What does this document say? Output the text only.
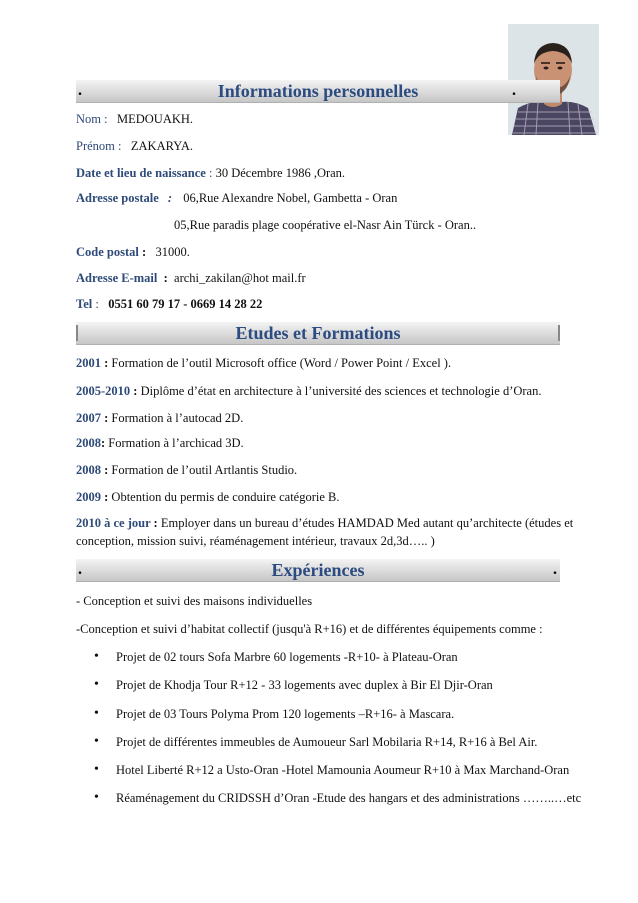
.	Informations personnelles	.
Nom : MEDOUAKH.
Prénom : ZAKARYA.
Date et lieu de naissance : 30 Décembre 1986 ,Oran.
Adresse postale : 06,Rue Alexandre Nobel, Gambetta - Oran
05,Rue paradis plage coopérative el-Nasr Ain Türck - Oran..
Code postal : 31000.
Adresse E-mail : archi_zakilan@hot mail.fr
Tel : 0551 60 79 17 - 0669 14 28 22
Etudes et Formations
2001 : Formation de l’outil Microsoft office (Word / Power Point / Excel ).
2005-2010 : Diplôme d’état en architecture à l’université des sciences et technologie d’Oran.
2007 : Formation à l’autocad 2D.
2008: Formation à l’archicad 3D.
2008 : Formation de l’outil Artlantis Studio.
2009 : Obtention du permis de conduire catégorie B.
2010 à ce jour : Employer dans un bureau d’études HAMDAD Med autant qu’architecte (études et
conception, mission suivi, réaménagement intérieur, travaux 2d,3d….. )
.	Expériences	.
- Conception et suivi des maisons individuelles
-Conception et suivi d’habitat collectif (jusqu'à R+16) et de différentes équipements comme :
• Projet de 02 tours Sofa Marbre 60 logements -R+10- à Plateau-Oran
• Projet de Khodja Tour R+12 - 33 logements avec duplex à Bir El Djir-Oran
• Projet de 03 Tours Polyma Prom 120 logements –R+16- à Mascara.
• Projet de différentes immeubles de Aumoueur Sarl Mobilaria R+14, R+16 à Bel Air.
• Hotel Liberté R+12 a Usto-Oran -Hotel Mamounia Aoumeur R+10 à Max Marchand-Oran
• Réaménagement du CRIDSSH d’Oran -Etude des hangars et des administrations ……..…etc
